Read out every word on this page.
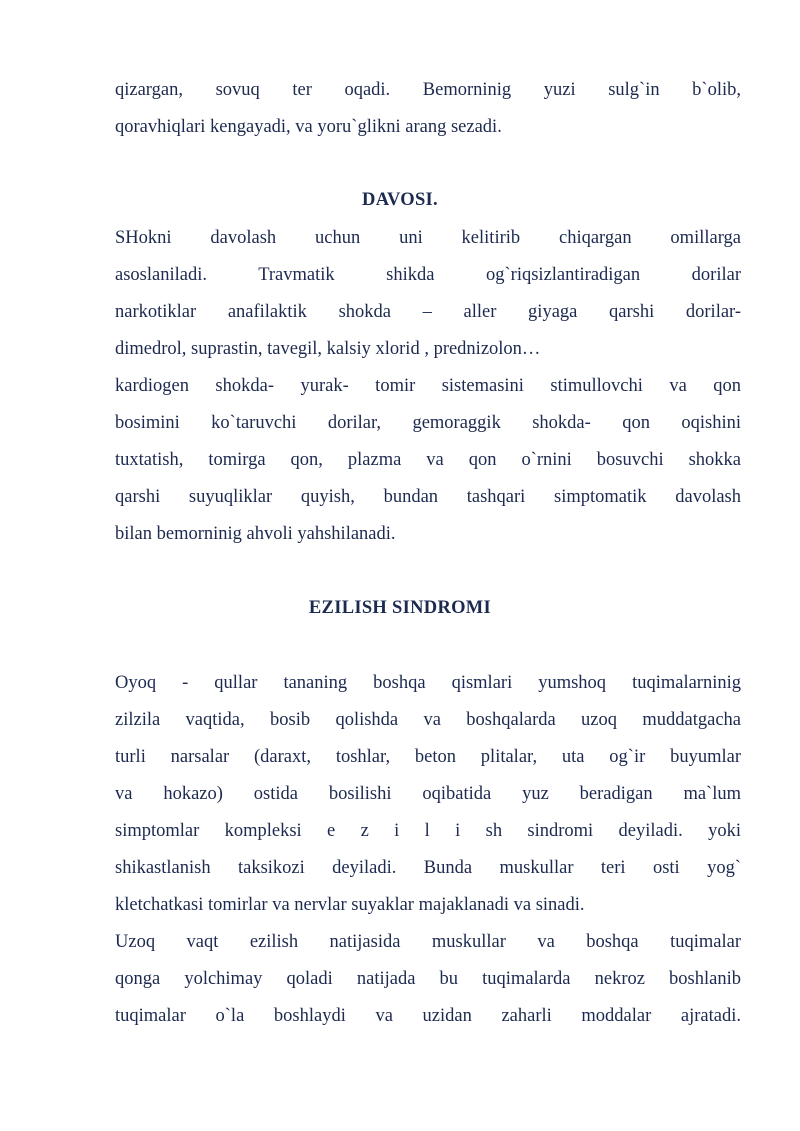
qizargan, sovuq ter oqadi. Bemorninig yuzi sulg`in b`olib,
qoravhiqlari kengayadi, va yoru`glikni arang sezadi.
DAVOSI.
SHokni davolash uchun uni kelitirib chiqargan omillarga
asoslaniladi. Travmatik shikda og`riqsizlantiradigan dorilar
narkotiklar anafilaktik shokda – aller giyaga qarshi dorilar-
dimedrol, suprastin, tavegil, kalsiy xlorid , prednizolon…
kardiogen shokda- yurak- tomir sistemasini stimullovchi va qon
bosimini ko`taruvchi dorilar, gemoraggik shokda- qon oqishini
tuxtatish, tomirga qon, plazma va qon o`rnini bosuvchi shokka
qarshi suyuqliklar quyish, bundan tashqari simptomatik davolash
bilan bemorninig ahvoli yahshilanadi.
EZILISH SINDROMI
Oyoq - qullar tananing boshqa qismlari yumshoq tuqimalarninig
zilzila vaqtida, bosib qolishda va boshqalarda uzoq muddatgacha
turli narsalar (daraxt, toshlar, beton plitalar, uta og`ir buyumlar
va hokazo) ostida bosilishi oqibatida yuz beradigan ma`lum
simptomlar kompleksi e z i l i sh sindromi deyiladi. yoki
shikastlanish taksikozi deyiladi. Bunda muskullar teri osti yog`
kletchatkasi tomirlar va nervlar suyaklar majaklanadi va sinadi.
Uzoq vaqt ezilish natijasida muskullar va boshqa tuqimalar
qonga yolchimay qoladi natijada bu tuqimalarda nekroz boshlanib
tuqimalar o`la boshlaydi va uzidan zaharli moddalar ajratadi.
